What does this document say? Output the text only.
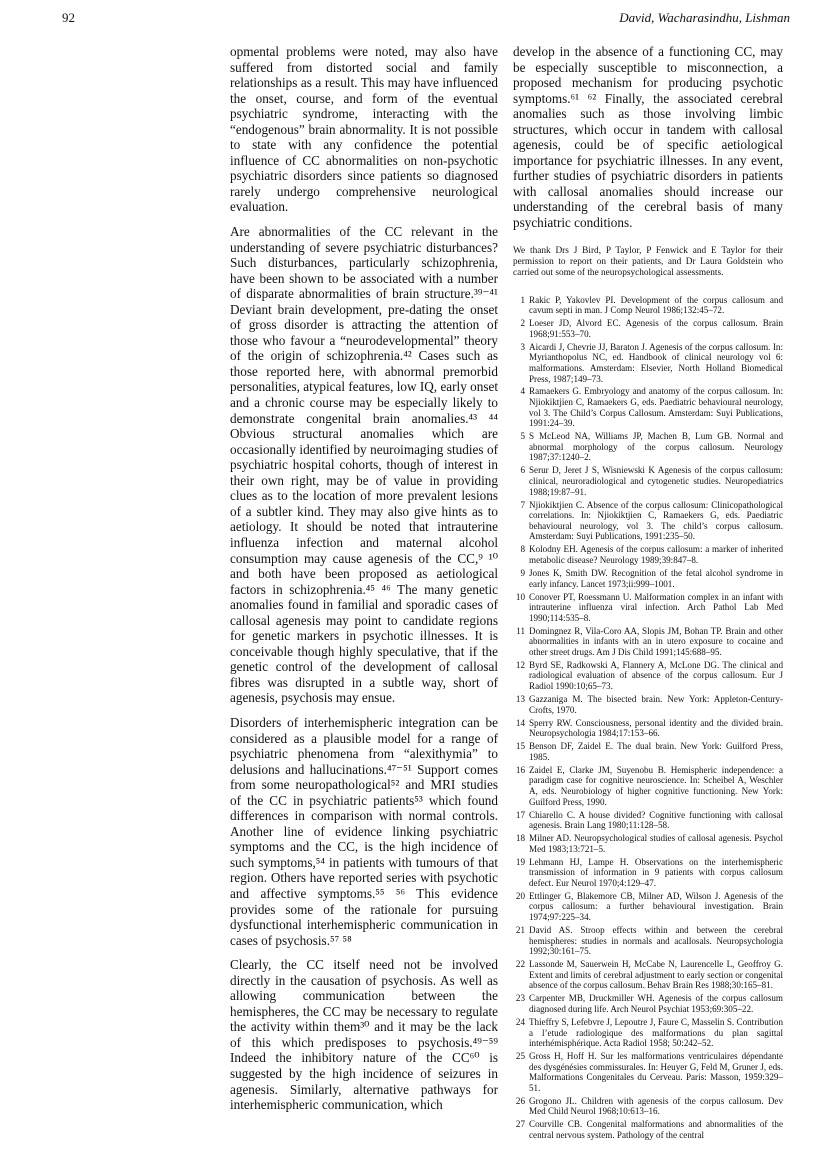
92	David, Wacharasindhu, Lishman

opmental problems were noted, may also have suffered from distorted social and family relationships as a result. This may have influenced the onset, course, and form of the eventual psychiatric syndrome, interacting with the “endogenous” brain abnormality. It is not possible to state with any confidence the potential influence of CC abnormalities on non-psychotic psychiatric disorders since patients so diagnosed rarely undergo comprehensive neurological evaluation.

Are abnormalities of the CC relevant in the understanding of severe psychiatric disturbances? Such disturbances, particularly schizophrenia, have been shown to be associated with a number of disparate abnormalities of brain structure.³⁹⁻⁴¹ Deviant brain development, pre-dating the onset of gross disorder is attracting the attention of those who favour a “neurodevelopmental” theory of the origin of schizophrenia.⁴² Cases such as those reported here, with abnormal premorbid personalities, atypical features, low IQ, early onset and a chronic course may be especially likely to demonstrate congenital brain anomalies.⁴³ ⁴⁴ Obvious structural anomalies which are occasionally identified by neuroimaging studies of psychiatric hospital cohorts, though of interest in their own right, may be of value in providing clues as to the location of more prevalent lesions of a subtler kind. They may also give hints as to aetiology. It should be noted that intrauterine influenza infection and maternal alcohol consumption may cause agenesis of the CC,⁹ ¹⁰ and both have been proposed as aetiological factors in schizophrenia.⁴⁵ ⁴⁶ The many genetic anomalies found in familial and sporadic cases of callosal agenesis may point to candidate regions for genetic markers in psychotic illnesses. It is conceivable though highly speculative, that if the genetic control of the development of callosal fibres was disrupted in a subtle way, short of agenesis, psychosis may ensue.

Disorders of interhemispheric integration can be considered as a plausible model for a range of psychiatric phenomena from “alexithymia” to delusions and hallucinations.⁴⁷⁻⁵¹ Support comes from some neuropathological⁵² and MRI studies of the CC in psychiatric patients⁵³ which found differences in comparison with normal controls. Another line of evidence linking psychiatric symptoms and the CC, is the high incidence of such symptoms,⁵⁴ in patients with tumours of that region. Others have reported series with psychotic and affective symptoms.⁵⁵ ⁵⁶ This evidence provides some of the rationale for pursuing dysfunctional interhemispheric communication in cases of psychosis.⁵⁷ ⁵⁸

Clearly, the CC itself need not be involved directly in the causation of psychosis. As well as allowing communication between the hemispheres, the CC may be necessary to regulate the activity within them³⁰ and it may be the lack of this which predisposes to psychosis.⁴⁹⁻⁵⁹ Indeed the inhibitory nature of the CC⁶⁰ is suggested by the high incidence of seizures in agenesis. Similarly, alternative pathways for interhemispheric communication, which

develop in the absence of a functioning CC, may be especially susceptible to misconnection, a proposed mechanism for producing psychotic symptoms.⁶¹ ⁶² Finally, the associated cerebral anomalies such as those involving limbic structures, which occur in tandem with callosal agenesis, could be of specific aetiological importance for psychiatric illnesses. In any event, further studies of psychiatric disorders in patients with callosal anomalies should increase our understanding of the cerebral basis of many psychiatric conditions.

We thank Drs J Bird, P Taylor, P Fenwick and E Taylor for their permission to report on their patients, and Dr Laura Goldstein who carried out some of the neuropsychological assessments.

1 Rakic P, Yakovlev PI. Development of the corpus callosum and cavum septi in man. J Comp Neurol 1986;132:45–72.
2 Loeser JD, Alvord EC. Agenesis of the corpus callosum. Brain 1968;91:553–70.
3 Aicardi J, Chevrie JJ, Baraton J. Agenesis of the corpus callosum. In: Myrianthopolus NC, ed. Handbook of clinical neurology vol 6: malformations. Amsterdam: Elsevier, North Holland Biomedical Press, 1987;149–73.
4 Ramaekers G. Embryology and anatomy of the corpus callosum. In: Njiokiktjien C, Ramaekers G, eds. Paediatric behavioural neurology, vol 3. The Child’s Corpus Callosum. Amsterdam: Suyi Publications, 1991:24–39.
5 S McLeod NA, Williams JP, Machen B, Lum GB. Normal and abnormal morphology of the corpus callosum. Neurology 1987;37:1240–2.
6 Serur D, Jeret J S, Wisniewski K Agenesis of the corpus callosum: clinical, neuroradiological and cytogenetic studies. Neuropediatrics 1988;19:87–91.
7 Njiokiktjien C. Absence of the corpus callosum: Clinicopathological correlations. In: Njiokiktjien C, Ramaekers G, eds. Paediatric behavioural neurology, vol 3. The child’s corpus callosum. Amsterdam: Suyi Publications, 1991:235–50.
8 Kolodny EH. Agenesis of the corpus callosum: a marker of inherited metabolic disease? Neurology 1989;39:847–8.
9 Jones K, Smith DW. Recognition of the fetal alcohol syndrome in early infancy. Lancet 1973;ii:999–1001.
10 Conover PT, Roessmann U. Malformation complex in an infant with intrauterine influenza viral infection. Arch Pathol Lab Med 1990;114:535–8.
11 Domingnez R, Vila-Coro AA, Slopis JM, Bohan TP. Brain and other abnormalities in infants with an in utero exposure to cocaine and other street drugs. Am J Dis Child 1991;145:688–95.
12 Byrd SE, Radkowski A, Flannery A, McLone DG. The clinical and radiological evaluation of absence of the corpus callosum. Eur J Radiol 1990:10;65–73.
13 Gazzaniga M. The bisected brain. New York: Appleton-Century-Crofts, 1970.
14 Sperry RW. Consciousness, personal identity and the divided brain. Neuropsychologia 1984;17:153–66.
15 Benson DF, Zaidel E. The dual brain. New York: Guilford Press, 1985.
16 Zaidel E, Clarke JM, Suyenobu B. Hemispheric independence: a paradigm case for cognitive neuroscience. In: Scheibel A, Weschler A, eds. Neurobiology of higher cognitive functioning. New York: Guilford Press, 1990.
17 Chiarello C. A house divided? Cognitive functioning with callosal agenesis. Brain Lang 1980;11:128–58.
18 Milner AD. Neuropsychological studies of callosal agenesis. Psychol Med 1983;13:721–5.
19 Lehmann HJ, Lampe H. Observations on the interhemispheric transmission of information in 9 patients with corpus callosum defect. Eur Neurol 1970;4:129–47.
20 Ettlinger G, Blakemore CB, Milner AD, Wilson J. Agenesis of the corpus callosum: a further behavioural investigation. Brain 1974;97:225–34.
21 David AS. Stroop effects within and between the cerebral hemispheres: studies in normals and acallosals. Neuropsychologia 1992;30:161–75.
22 Lassonde M, Sauerwein H, McCabe N, Laurencelle L, Geoffroy G. Extent and limits of cerebral adjustment to early section or congenital absence of the corpus callosum. Behav Brain Res 1988;30:165–81.
23 Carpenter MB, Druckmiller WH. Agenesis of the corpus callosum diagnosed during life. Arch Neurol Psychiat 1953;69:305–22.
24 Thieffry S, Lefebvre J, Lepoutre J, Faure C, Masselin S. Contribution a l’etude radiologique des malformations du plan sagittal interhémisphérique. Acta Radiol 1958; 50:242–52.
25 Gross H, Hoff H. Sur les malformations ventriculaires dépendante des dysgénésies commissurales. In: Heuyer G, Feld M, Gruner J, eds. Malformations Congenitales du Cerveau. Paris: Masson, 1959:329–51.
26 Grogono JL. Children with agenesis of the corpus callosum. Dev Med Child Neurol 1968;10:613–16.
27 Courville CB. Congenital malformations and abnormalities of the central nervous system. Pathology of the central
